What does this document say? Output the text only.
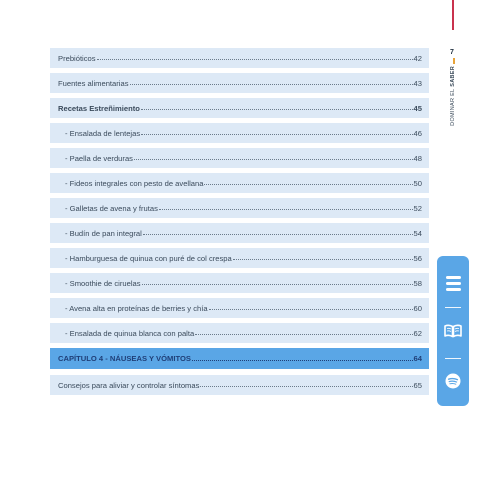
7
DOMINAR EL SABER
Prebióticos	42
Fuentes alimentarias	43
Recetas Estreñimiento	45
- Ensalada de lentejas	46
- Paella de verduras	48
- Fideos integrales con pesto de avellana	50
- Galletas de avena y frutas	52
- Budín de pan integral	54
- Hamburguesa de quinua con puré de col crespa	56
- Smoothie de ciruelas	58
- Avena alta en proteínas de berries y chía	60
- Ensalada de quinua blanca con palta	62
CAPÍTULO 4 - NÁUSEAS Y VÓMITOS	64
Consejos para aliviar y controlar síntomas	65
